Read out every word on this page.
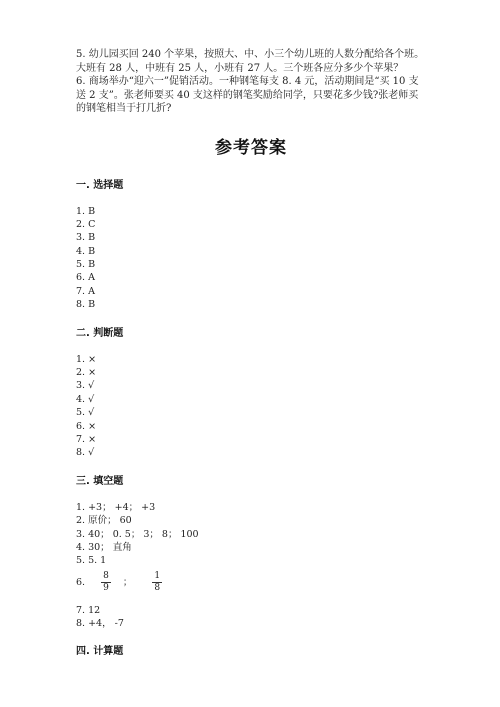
5. 幼儿园买回 240 个苹果，按照大、中、小三个幼儿班的人数分配给各个班。
大班有 28 人，中班有 25 人，小班有 27 人。三个班各应分多少个苹果？
6. 商场举办“迎六一”促销活动。一种钢笔每支 8. 4 元，活动期间是“买 10 支
送 2 支”。张老师要买 40 支这样的钢笔奖励给同学，只要花多少钱?张老师买
的钢笔相当于打几折?
参考答案
一. 选择题
1. B
2. C
3. B
4. B
5. B
6. A
7. A
8. B
二. 判断题
1. ×
2. ×
3. √
4. √
5. √
6. ×
7. ×
8. √
三. 填空题
1. +3； +4； +3
2. 原价； 60
3. 40； 0. 5； 3； 8； 100
4. 30； 直角
5. 5. 1
6. $\frac{8}{9}$ ； $\frac{1}{8}$
7. 12
8. +4， -7
四. 计算题
